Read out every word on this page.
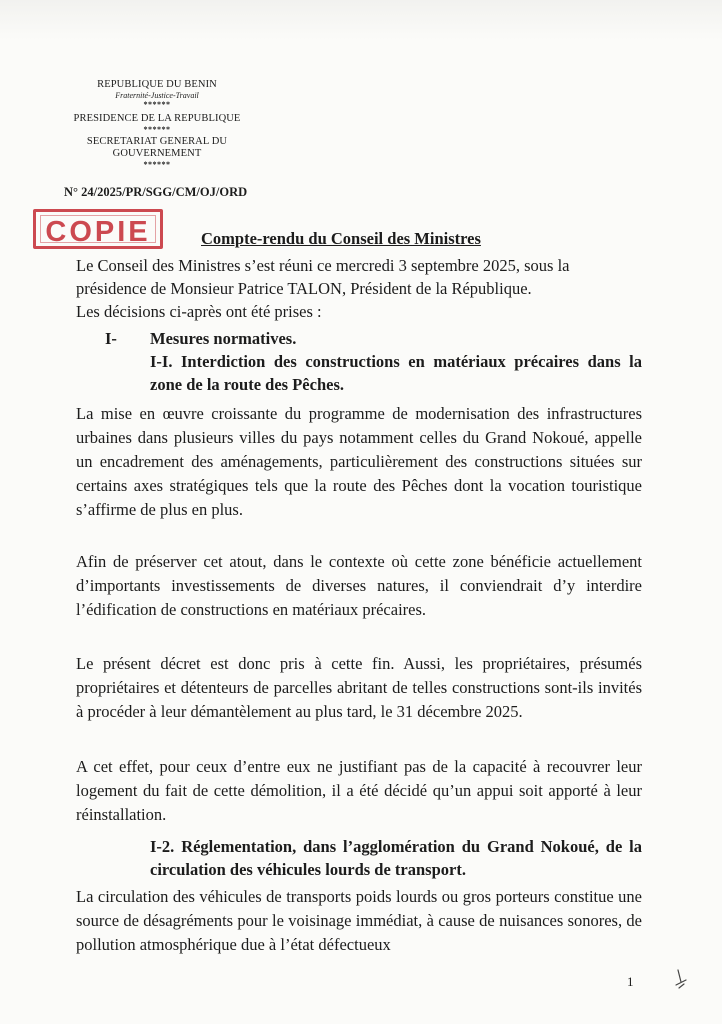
REPUBLIQUE DU BENIN
Fraternité-Justice-Travail
******
PRESIDENCE DE LA REPUBLIQUE
******
SECRETARIAT GENERAL DU
GOUVERNEMENT
******
N° 24/2025/PR/SGG/CM/OJ/ORD
COPIE	Compte-rendu du Conseil des Ministres
Le Conseil des Ministres s’est réuni ce mercredi 3 septembre 2025, sous la
présidence de Monsieur Patrice TALON, Président de la République.
Les décisions ci-après ont été prises :
I- Mesures normatives.
I-I. Interdiction des constructions en matériaux précaires dans la zone de la route des Pêches.
La mise en œuvre croissante du programme de modernisation des infrastructures urbaines dans plusieurs villes du pays notamment celles du Grand Nokoué, appelle un encadrement des aménagements, particulièrement des constructions situées sur certains axes stratégiques tels que la route des Pêches dont la vocation touristique s’affirme de plus en plus.
Afin de préserver cet atout, dans le contexte où cette zone bénéficie actuellement d’importants investissements de diverses natures, il conviendrait d’y interdire l’édification de constructions en matériaux précaires.
Le présent décret est donc pris à cette fin. Aussi, les propriétaires, présumés propriétaires et détenteurs de parcelles abritant de telles constructions sont-ils invités à procéder à leur démantèlement au plus tard, le 31 décembre 2025.
A cet effet, pour ceux d’entre eux ne justifiant pas de la capacité à recouvrer leur logement du fait de cette démolition, il a été décidé qu’un appui soit apporté à leur réinstallation.
I-2. Réglementation, dans l’agglomération du Grand Nokoué, de la circulation des véhicules lourds de transport.
La circulation des véhicules de transports poids lourds ou gros porteurs constitue une source de désagréments pour le voisinage immédiat, à cause de nuisances sonores, de pollution atmosphérique due à l’état défectueux
1
